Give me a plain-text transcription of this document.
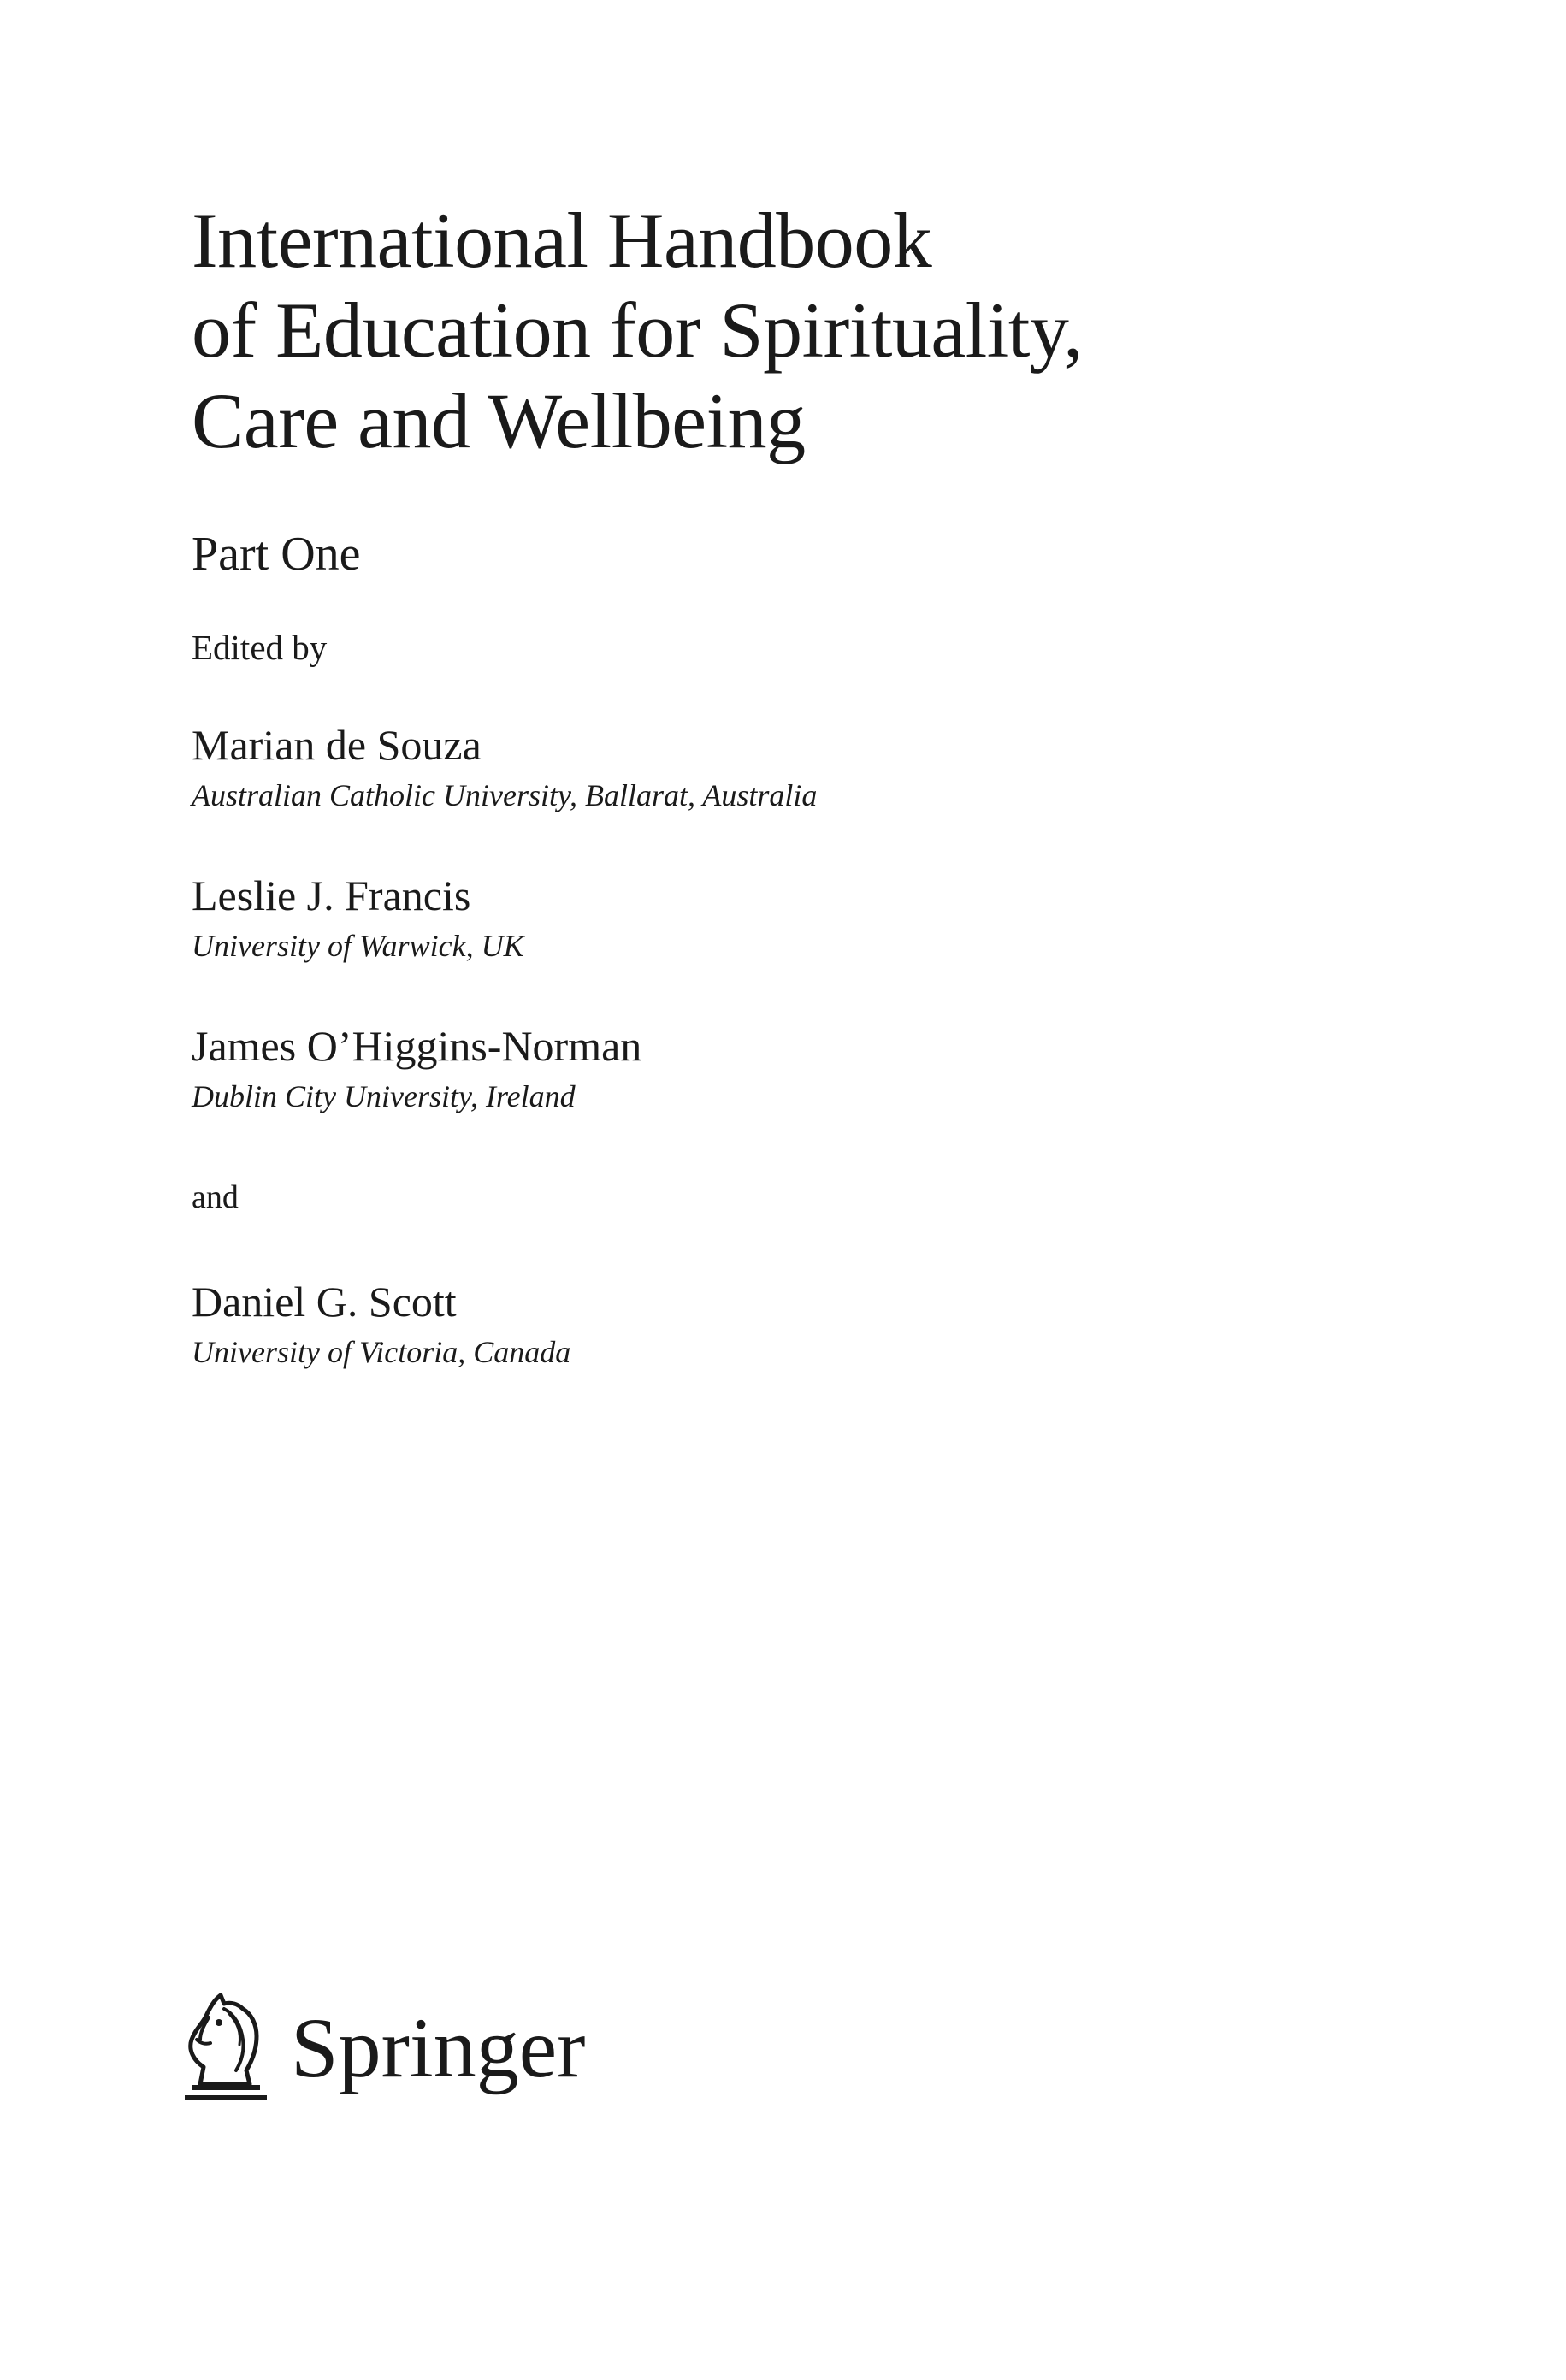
International Handbook
of Education for Spirituality,
Care and Wellbeing
Part One
Edited by
Marian de Souza
Australian Catholic University, Ballarat, Australia
Leslie J. Francis
University of Warwick, UK
James O’Higgins-Norman
Dublin City University, Ireland
and
Daniel G. Scott
University of Victoria, Canada
Springer
